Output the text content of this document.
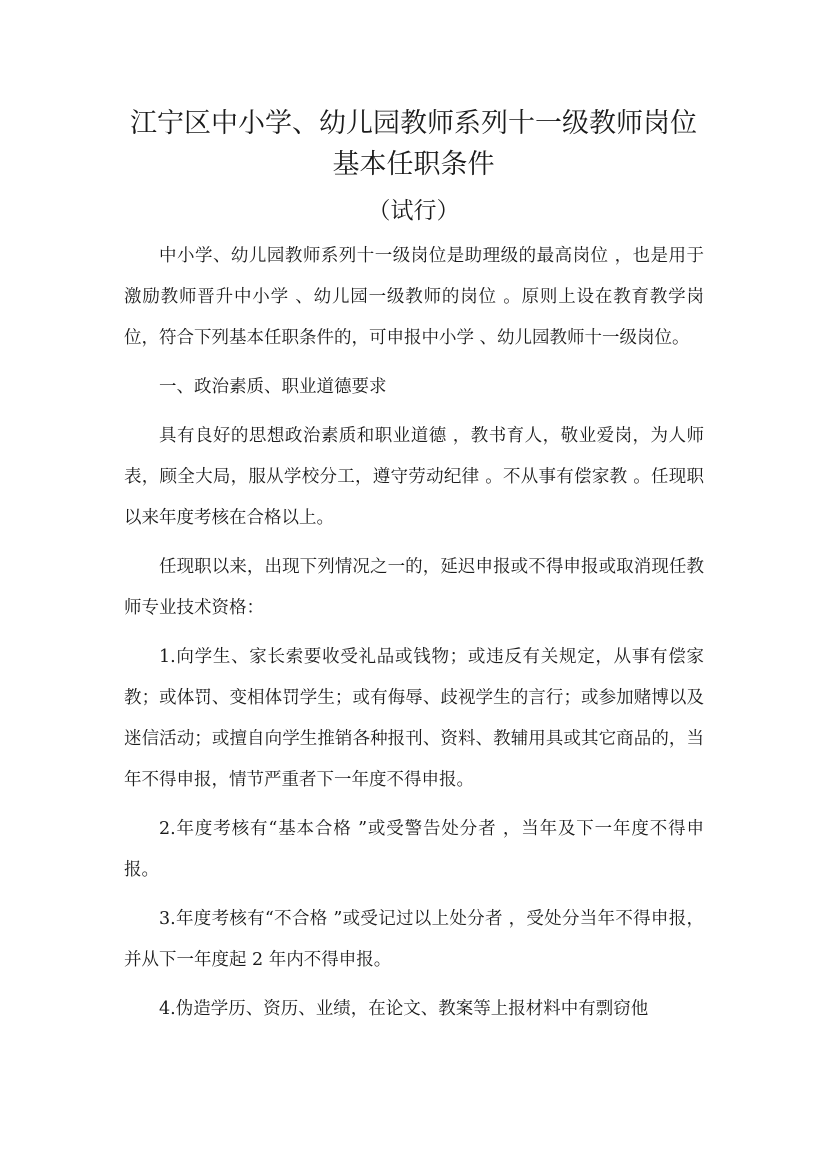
江宁区中小学、幼儿园教师系列十一级教师岗位
基本任职条件
（试行）

中小学、幼儿园教师系列十一级岗位是助理级的最高岗位 ，也是用于激励教师晋升中小学 、幼儿园一级教师的岗位 。原则上设在教育教学岗位，符合下列基本任职条件的，可申报中小学 、幼儿园教师十一级岗位。

一、政治素质、职业道德要求

具有良好的思想政治素质和职业道德 ，教书育人，敬业爱岗，为人师表，顾全大局，服从学校分工，遵守劳动纪律 。不从事有偿家教 。任现职以来年度考核在合格以上。

任现职以来，出现下列情况之一的，延迟申报或不得申报或取消现任教师专业技术资格：

1.向学生、家长索要收受礼品或钱物；或违反有关规定，从事有偿家教；或体罚、变相体罚学生；或有侮辱、歧视学生的言行；或参加赌博以及迷信活动；或擅自向学生推销各种报刊、资料、教辅用具或其它商品的，当年不得申报，情节严重者下一年度不得申报。

2.年度考核有“基本合格 ”或受警告处分者 ，当年及下一年度不得申报。

3.年度考核有“不合格 ”或受记过以上处分者 ，受处分当年不得申报，并从下一年度起 2 年内不得申报。

4.伪造学历、资历、业绩，在论文、教案等上报材料中有剽窃他
